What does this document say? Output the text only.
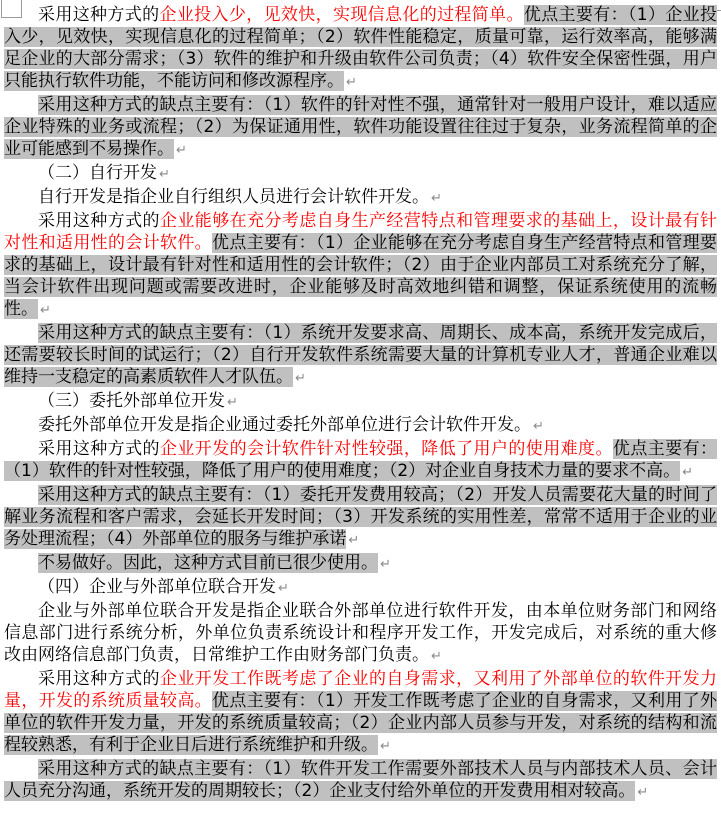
采用这种方式的企业投入少，见效快，实现信息化的过程简单。优点主要有：（1）企业投入少，见效快，实现信息化的过程简单；（2）软件性能稳定，质量可靠，运行效率高，能够满足企业的大部分需求；（3）软件的维护和升级由软件公司负责；（4）软件安全保密性强，用户只能执行软件功能，不能访问和修改源程序。 ↵

采用这种方式的缺点主要有：（1）软件的针对性不强，通常针对一般用户设计，难以适应企业特殊的业务或流程；（2）为保证通用性，软件功能设置往往过于复杂，业务流程简单的企业可能感到不易操作。 ↵

（二）自行开发 ↵

自行开发是指企业自行组织人员进行会计软件开发。 ↵

采用这种方式的企业能够在充分考虑自身生产经营特点和管理要求的基础上，设计最有针对性和适用性的会计软件。优点主要有：（1）企业能够在充分考虑自身生产经营特点和管理要求的基础上，设计最有针对性和适用性的会计软件；（2）由于企业内部员工对系统充分了解，当会计软件出现问题或需要改进时，企业能够及时高效地纠错和调整，保证系统使用的流畅性。 ↵

采用这种方式的缺点主要有：（1）系统开发要求高、周期长、成本高，系统开发完成后，还需要较长时间的试运行；（2）自行开发软件系统需要大量的计算机专业人才，普通企业难以维持一支稳定的高素质软件人才队伍。 ↵

（三）委托外部单位开发 ↵

委托外部单位开发是指企业通过委托外部单位进行会计软件开发。 ↵

采用这种方式的企业开发的会计软件针对性较强，降低了用户的使用难度。优点主要有：（1）软件的针对性较强，降低了用户的使用难度；（2）对企业自身技术力量的要求不高。 ↵

采用这种方式的缺点主要有：（1）委托开发费用较高；（2）开发人员需要花大量的时间了解业务流程和客户需求，会延长开发时间；（3）开发系统的实用性差，常常不适用于企业的业务处理流程；（4）外部单位的服务与维护承诺 ↵

不易做好。因此，这种方式目前已很少使用。 ↵

（四）企业与外部单位联合开发 ↵

企业与外部单位联合开发是指企业联合外部单位进行软件开发，由本单位财务部门和网络信息部门进行系统分析，外单位负责系统设计和程序开发工作，开发完成后，对系统的重大修改由网络信息部门负责，日常维护工作由财务部门负责。 ↵

采用这种方式的企业开发工作既考虑了企业的自身需求，又利用了外部单位的软件开发力量，开发的系统质量较高。优点主要有：（1）开发工作既考虑了企业的自身需求，又利用了外单位的软件开发力量，开发的系统质量较高；（2）企业内部人员参与开发，对系统的结构和流程较熟悉，有利于企业日后进行系统维护和升级。 ↵

采用这种方式的缺点主要有：（1）软件开发工作需要外部技术人员与内部技术人员、会计人员充分沟通，系统开发的周期较长；（2）企业支付给外单位的开发费用相对较高。 ↵
